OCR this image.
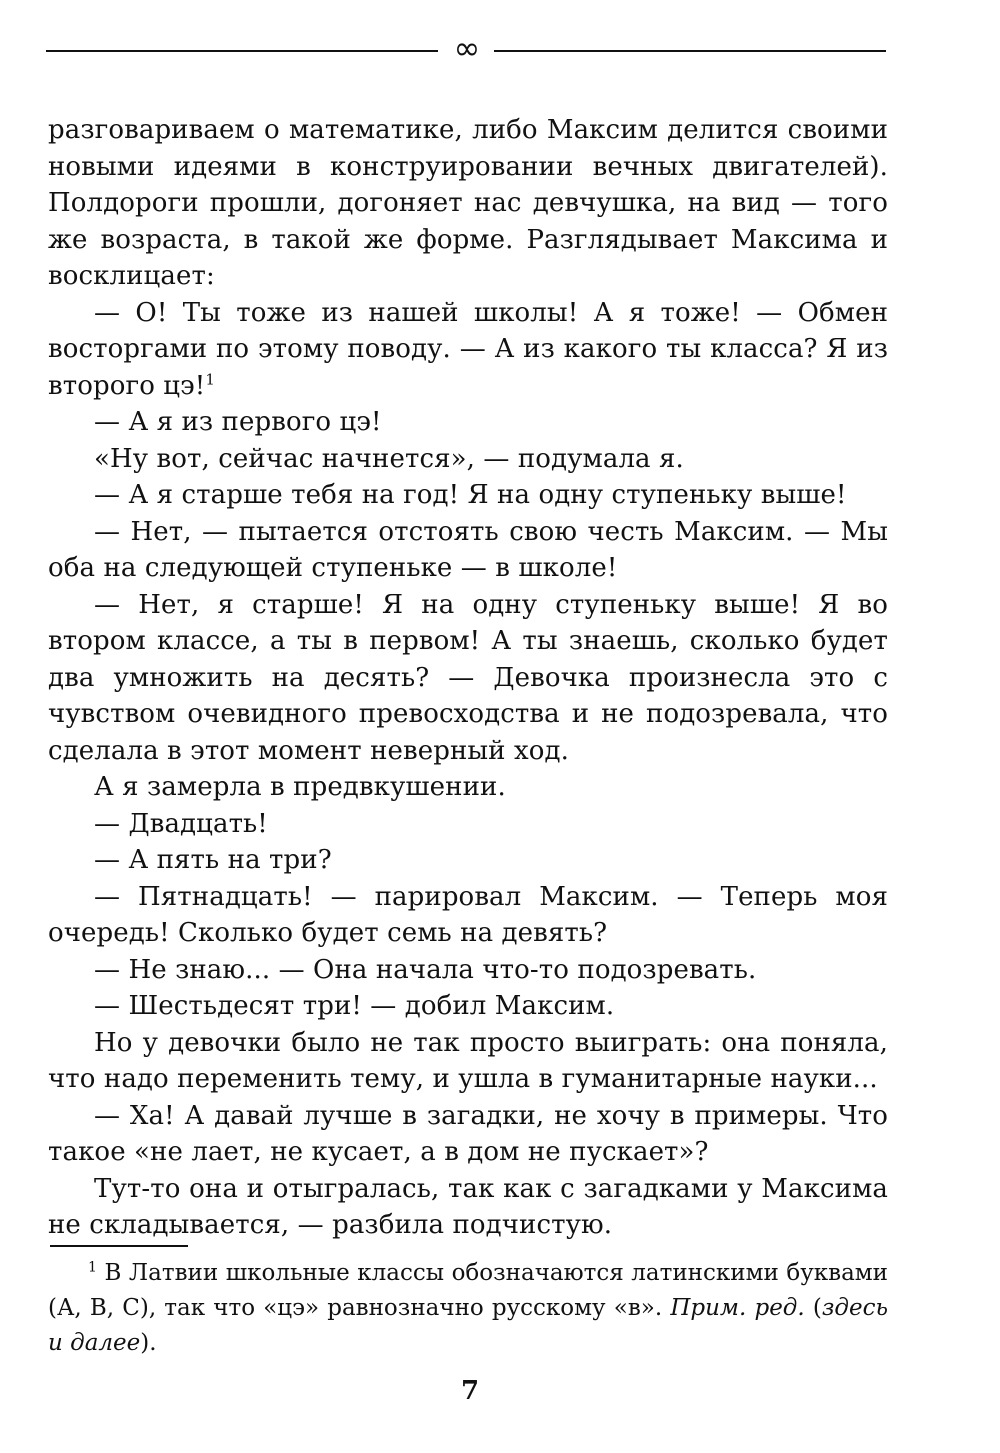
∞

разговариваем о математике, либо Максим делится своими новыми идеями в конструировании вечных двигателей). Полдороги прошли, догоняет нас девчушка, на вид — того же возраста, в такой же форме. Разглядывает Максима и восклицает:

— О! Ты тоже из нашей школы! А я тоже! — Обмен восторгами по этому поводу. — А из какого ты класса? Я из второго цэ!$^1$

— А я из первого цэ!

«Ну вот, сейчас начнется», — подумала я.

— А я старше тебя на год! Я на одну ступеньку выше!

— Нет, — пытается отстоять свою честь Максим. — Мы оба на следующей ступеньке — в школе!

— Нет, я старше! Я на одну ступеньку выше! Я во втором классе, а ты в первом! А ты знаешь, сколько будет два умножить на десять? — Девочка произнесла это с чувством очевидного превосходства и не подозревала, что сделала в этот момент неверный ход.

А я замерла в предвкушении.

— Двадцать!

— А пять на три?

— Пятнадцать! — парировал Максим. — Теперь моя очередь! Сколько будет семь на девять?

— Не знаю... — Она начала что-то подозревать.

— Шестьдесят три! — добил Максим.

Но у девочки было не так просто выиграть: она поняла, что надо переменить тему, и ушла в гуманитарные науки...

— Ха! А давай лучше в загадки, не хочу в примеры. Что такое «не лает, не кусает, а в дом не пускает»?

Тут-то она и отыгралась, так как с загадками у Максима не складывается, — разбила подчистую.

$^1$ В Латвии школьные классы обозначаются латинскими буквами (А, В, С), так что «цэ» равнозначно русскому «в». Прим. ред. (здесь и далее).

7
